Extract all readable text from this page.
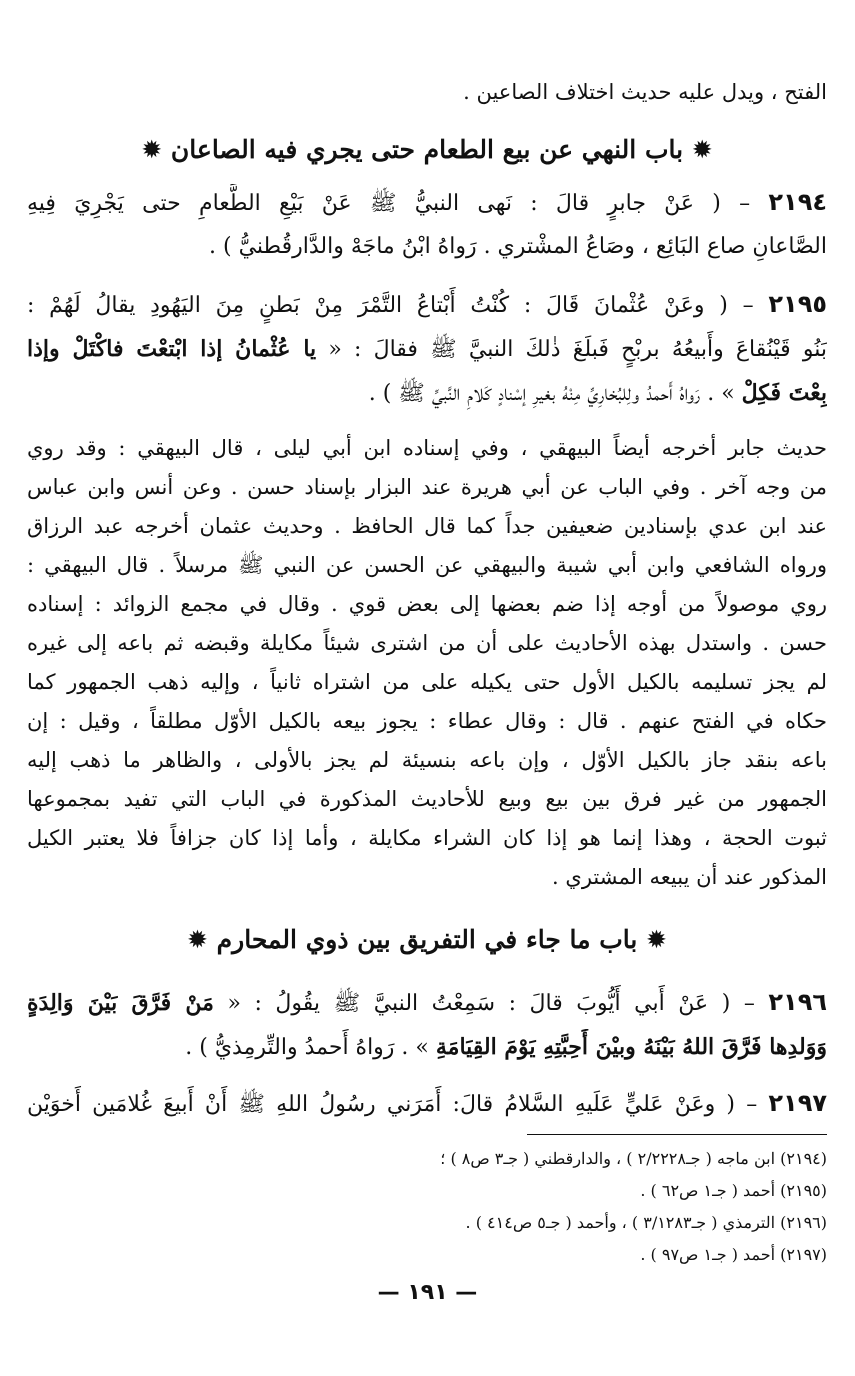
الفتح ، ويدل عليه حديث اختلاف الصاعين .
✹ باب النهي عن بيع الطعام حتى يجري فيه الصاعان ✹
٢١٩٤ – ( عَنْ جابرٍ قالَ : نَهى النبيُّ ﷺ عَنْ بَيْعِ الطَّعامِ حتى يَجْرِيَ فِيهِ
الصَّاعانِ صاع البَائِع ، وصَاعُ المشْتري . رَواهُ ابْنُ ماجَهْ والدَّارقُطنيُّ ) .
٢١٩٥ – ( وعَنْ عُثْمانَ قَالَ : كُنْتُ أَبْتاعُ التَّمْرَ مِنْ بَطنٍ مِنَ اليَهُودِ يقالُ لَهُمْ :
بَنُو قَيْنُقاعَ وأَبيعُهُ بربْحٍ فَبلَغَ ذٰلكَ النبيَّ ﷺ فقالَ : « يا عُثْمانُ إذا ابْتعْتَ فاكْتَلْ وإذا
بِعْتَ فَكِلْ » . رَواهُ أَحمدُ ولِلبُخارِيِّ مِنْهُ بغيرِ إسْنادٍ كَلامِ النَّبيِّ ﷺ ) .
حديث جابر أخرجه أيضاً البيهقي ، وفي إسناده ابن أبي ليلى ، قال البيهقي : وقد روي
من وجه آخر . وفي الباب عن أبي هريرة عند البزار بإسناد حسن . وعن أنس وابن عباس
عند ابن عدي بإسنادين ضعيفين جداً كما قال الحافظ . وحديث عثمان أخرجه عبد الرزاق
ورواه الشافعي وابن أبي شيبة والبيهقي عن الحسن عن النبي ﷺ مرسلاً . قال البيهقي :
روي موصولاً من أوجه إذا ضم بعضها إلى بعض قوي . وقال في مجمع الزوائد : إسناده
حسن . واستدل بهذه الأحاديث على أن من اشترى شيئاً مكايلة وقبضه ثم باعه إلى غيره
لم يجز تسليمه بالكيل الأول حتى يكيله على من اشتراه ثانياً ، وإليه ذهب الجمهور كما
حكاه في الفتح عنهم . قال : وقال عطاء : يجوز بيعه بالكيل الأوّل مطلقاً ، وقيل : إن
باعه بنقد جاز بالكيل الأوّل ، وإن باعه بنسيئة لم يجز بالأولى ، والظاهر ما ذهب إليه
الجمهور من غير فرق بين بيع وبيع للأحاديث المذكورة في الباب التي تفيد بمجموعها
ثبوت الحجة ، وهذا إنما هو إذا كان الشراء مكايلة ، وأما إذا كان جزافاً فلا يعتبر الكيل
المذكور عند أن يبيعه المشتري .
✹ باب ما جاء في التفريق بين ذوي المحارم ✹
٢١٩٦ – ( عَنْ أَبي أَيُّوبَ قالَ : سَمِعْتُ النبيَّ ﷺ يقُولُ : « مَنْ فَرَّقَ بَيْنَ وَالِدَةٍ
وَوَلدِها فَرَّقَ اللهُ بَيْنَهُ وبيْنَ أَحِبَّتِهِ يَوْمَ القِيَامَةِ » . رَواهُ أَحمدُ والتِّرمِذيُّ ) .
٢١٩٧ – ( وعَنْ عَليٍّ عَلَيهِ السَّلامُ قالَ: أَمَرَني رسُولُ اللهِ ﷺ أَنْ أَبيعَ غُلامَين أَخوَيْن
(٢١٩٤) ابن ماجه ( جـ٢/٢٢٢٨ ) ، والدارقطني ( جـ٣ ص٨ ) ؛
(٢١٩٥) أحمد ( جـ١ ص٦٢ ) .
(٢١٩٦) الترمذي ( جـ٣/١٢٨٣ ) ، وأحمد ( جـ٥ ص٤١٤ ) .
(٢١٩٧) أحمد ( جـ١ ص٩٧ ) .
— ١٩١ —
